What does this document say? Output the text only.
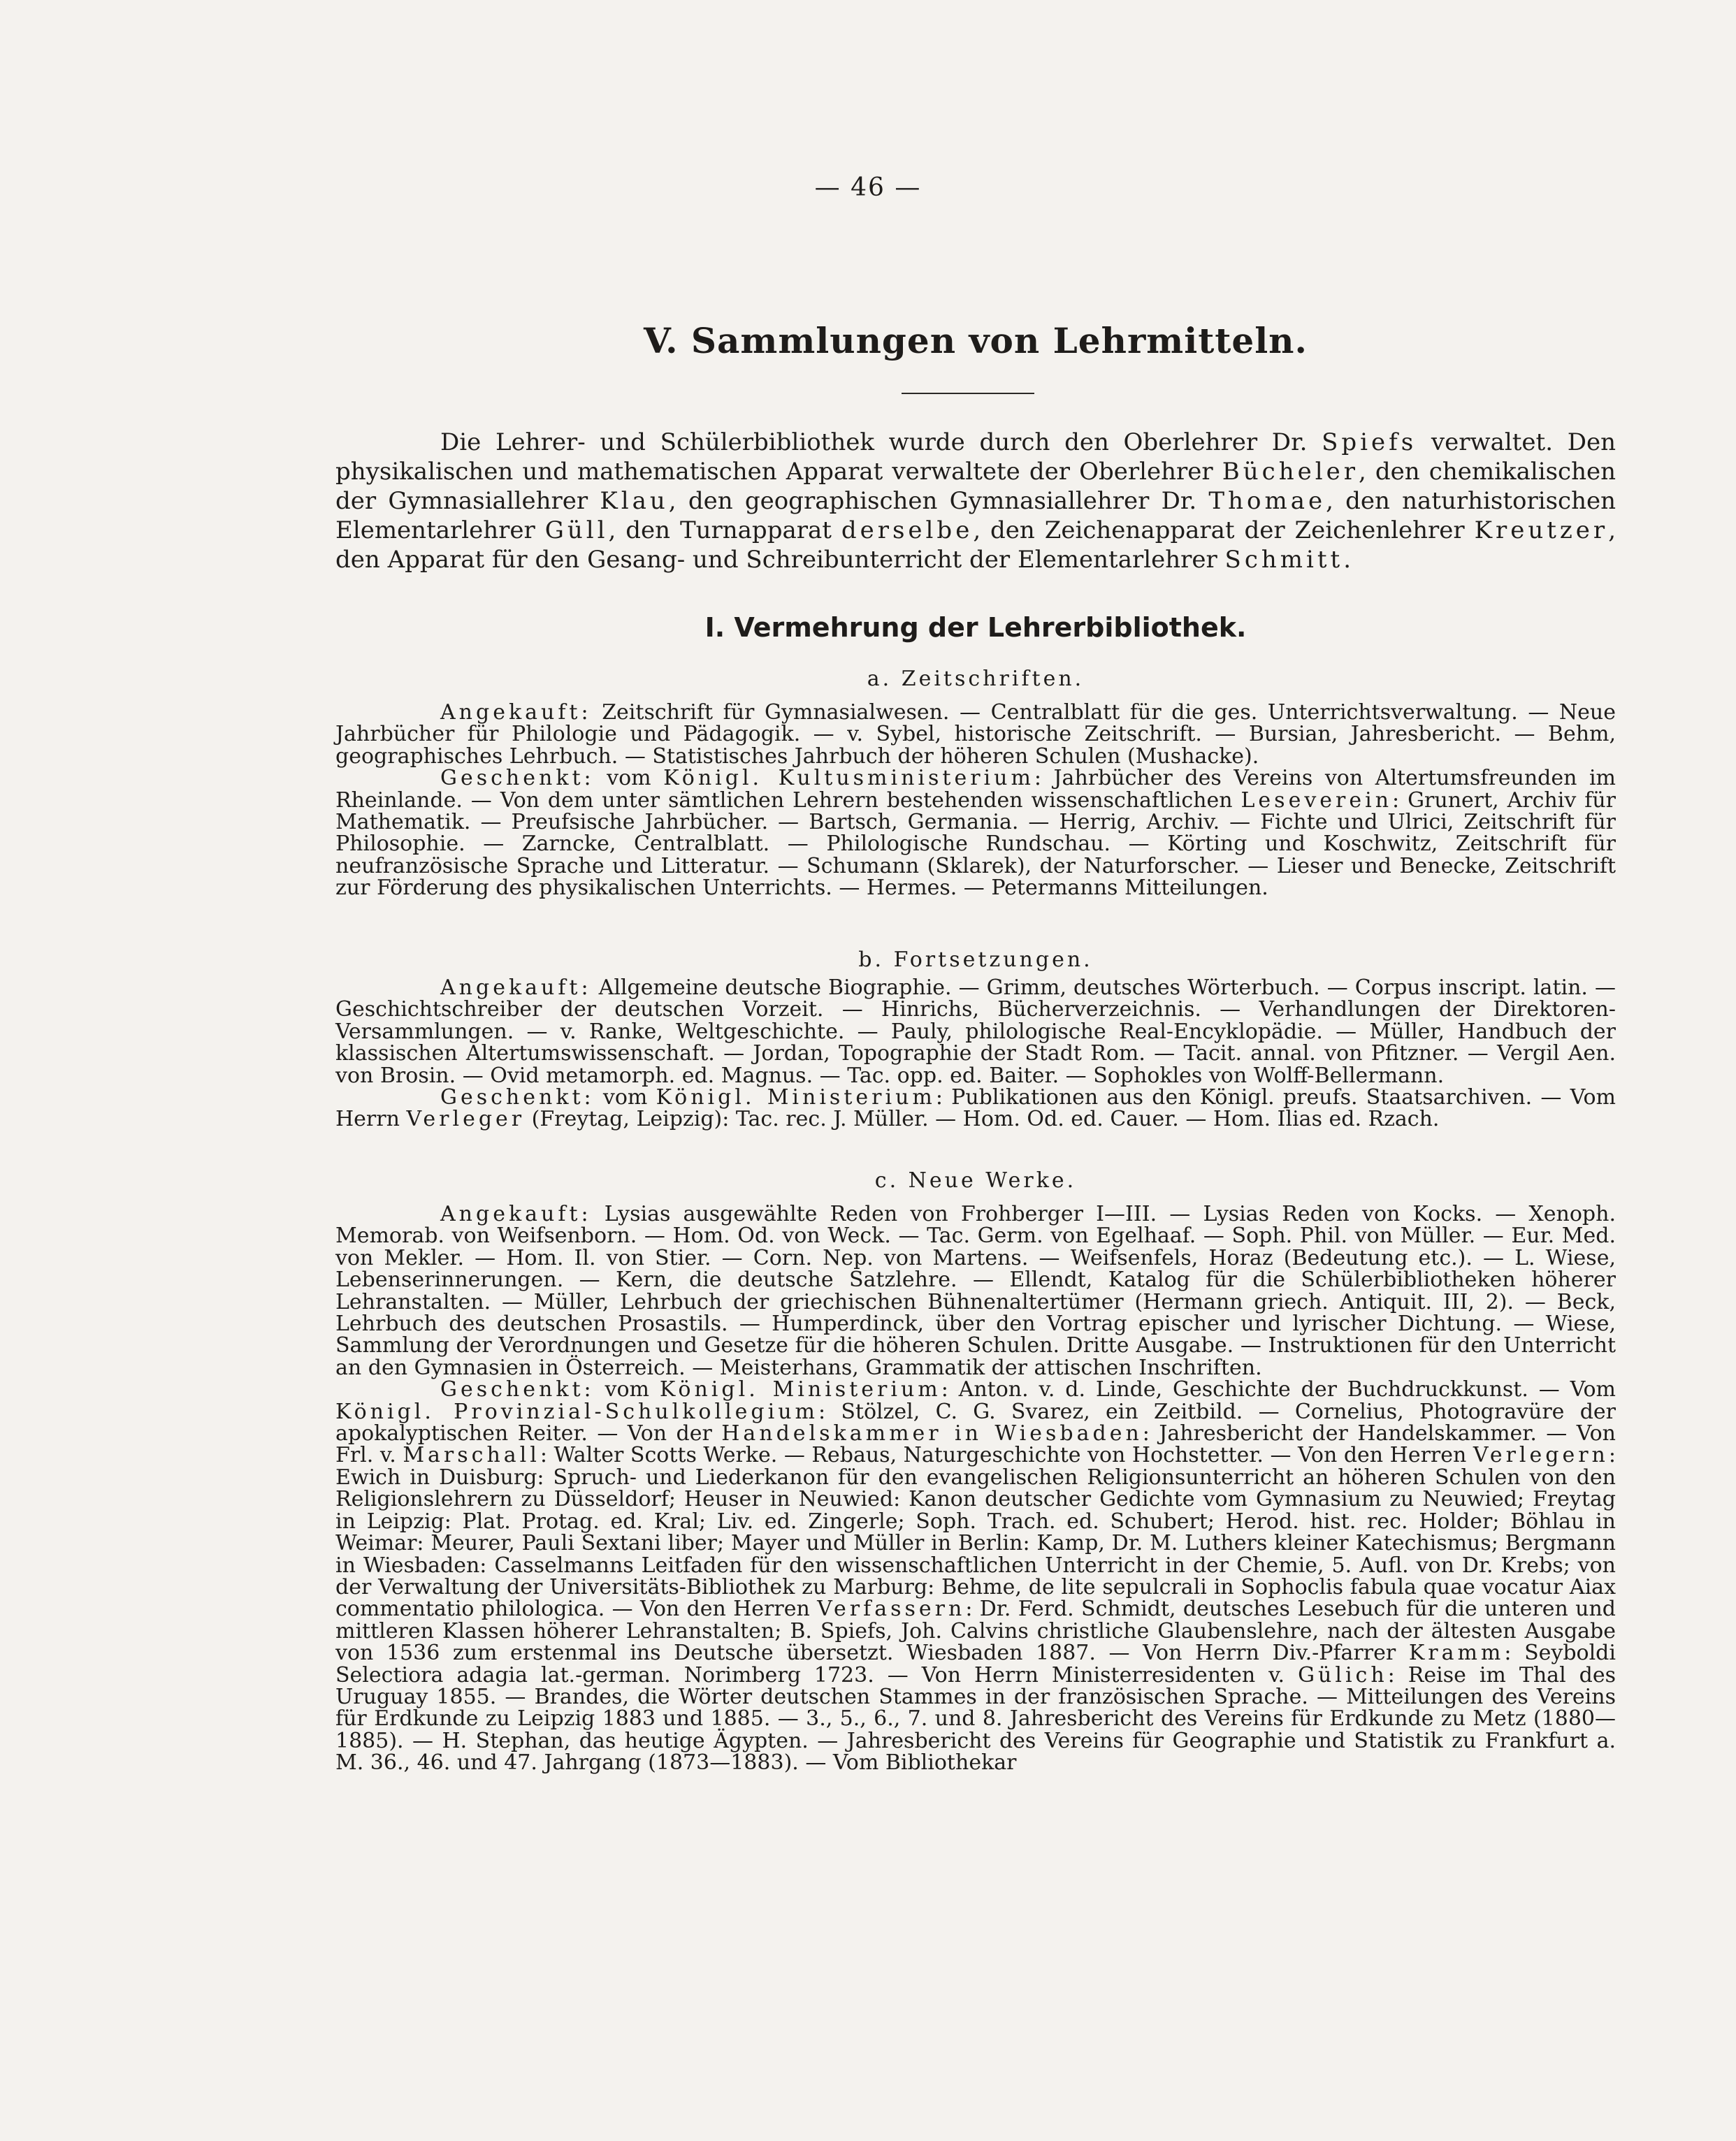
— 46 —
V. Sammlungen von Lehrmitteln.
Die Lehrer- und Schülerbibliothek wurde durch den Oberlehrer Dr. Spiefs verwaltet. Den physikalischen und mathematischen Apparat verwaltete der Oberlehrer Bücheler, den chemikalischen der Gymnasiallehrer Klau, den geographischen Gymnasiallehrer Dr. Thomae, den naturhistorischen Elementarlehrer Güll, den Turnapparat derselbe, den Zeichenapparat der Zeichenlehrer Kreutzer, den Apparat für den Gesang- und Schreibunterricht der Elementarlehrer Schmitt.
I. Vermehrung der Lehrerbibliothek.
a. Zeitschriften.

Angekauft: Zeitschrift für Gymnasialwesen. — Centralblatt für die ges. Unterrichtsverwaltung. — Neue Jahrbücher für Philologie und Pädagogik. — v. Sybel, historische Zeitschrift. — Bursian, Jahresbericht. — Behm, geographisches Lehrbuch. — Statistisches Jahrbuch der höheren Schulen (Mushacke).

Geschenkt: vom Königl. Kultusministerium: Jahrbücher des Vereins von Altertumsfreunden im Rheinlande. — Von dem unter sämtlichen Lehrern bestehenden wissenschaftlichen Leseverein: Grunert, Archiv für Mathematik. — Preufsische Jahrbücher. — Bartsch, Germania. — Herrig, Archiv. — Fichte und Ulrici, Zeitschrift für Philosophie. — Zarncke, Centralblatt. — Philologische Rundschau. — Körting und Koschwitz, Zeitschrift für neufranzösische Sprache und Litteratur. — Schumann (Sklarek), der Naturforscher. — Lieser und Benecke, Zeitschrift zur Förderung des physikalischen Unterrichts. — Hermes. — Petermanns Mitteilungen.

b. Fortsetzungen.

Angekauft: Allgemeine deutsche Biographie. — Grimm, deutsches Wörterbuch. — Corpus inscript. latin. — Geschichtschreiber der deutschen Vorzeit. — Hinrichs, Bücherverzeichnis. — Verhandlungen der Direktoren-Versammlungen. — v. Ranke, Weltgeschichte. — Pauly, philologische Real-Encyklopädie. — Müller, Handbuch der klassischen Altertumswissenschaft. — Jordan, Topographie der Stadt Rom. — Tacit. annal. von Pfitzner. — Vergil Aen. von Brosin. — Ovid metamorph. ed. Magnus. — Tac. opp. ed. Baiter. — Sophokles von Wolff-Bellermann.

Geschenkt: vom Königl. Ministerium: Publikationen aus den Königl. preufs. Staatsarchiven. — Vom Herrn Verleger (Freytag, Leipzig): Tac. rec. J. Müller. — Hom. Od. ed. Cauer. — Hom. Ilias ed. Rzach.

c. Neue Werke.

Angekauft: Lysias ausgewählte Reden von Frohberger I—III. — Lysias Reden von Kocks. — Xenoph. Memorab. von Weifsenborn. — Hom. Od. von Weck. — Tac. Germ. von Egelhaaf. — Soph. Phil. von Müller. — Eur. Med. von Mekler. — Hom. Il. von Stier. — Corn. Nep. von Martens. — Weifsenfels, Horaz (Bedeutung etc.). — L. Wiese, Lebenserinnerungen. — Kern, die deutsche Satzlehre. — Ellendt, Katalog für die Schülerbibliotheken höherer Lehranstalten. — Müller, Lehrbuch der griechischen Bühnenaltertümer (Hermann griech. Antiquit. III, 2). — Beck, Lehrbuch des deutschen Prosastils. — Humperdinck, über den Vortrag epischer und lyrischer Dichtung. — Wiese, Sammlung der Verordnungen und Gesetze für die höheren Schulen. Dritte Ausgabe. — Instruktionen für den Unterricht an den Gymnasien in Österreich. — Meisterhans, Grammatik der attischen Inschriften.

Geschenkt: vom Königl. Ministerium: Anton. v. d. Linde, Geschichte der Buchdruckkunst. — Vom Königl. Provinzial-Schulkollegium: Stölzel, C. G. Svarez, ein Zeitbild. — Cornelius, Photogravüre der apokalyptischen Reiter. — Von der Handelskammer in Wiesbaden: Jahresbericht der Handelskammer. — Von Frl. v. Marschall: Walter Scotts Werke. — Rebaus, Naturgeschichte von Hochstetter. — Von den Herren Verlegern: Ewich in Duisburg: Spruch- und Liederkanon für den evangelischen Religionsunterricht an höheren Schulen von den Religionslehrern zu Düsseldorf; Heuser in Neuwied: Kanon deutscher Gedichte vom Gymnasium zu Neuwied; Freytag in Leipzig: Plat. Protag. ed. Kral; Liv. ed. Zingerle; Soph. Trach. ed. Schubert; Herod. hist. rec. Holder; Böhlau in Weimar: Meurer, Pauli Sextani liber; Mayer und Müller in Berlin: Kamp, Dr. M. Luthers kleiner Katechismus; Bergmann in Wiesbaden: Casselmanns Leitfaden für den wissenschaftlichen Unterricht in der Chemie, 5. Aufl. von Dr. Krebs; von der Verwaltung der Universitäts-Bibliothek zu Marburg: Behme, de lite sepulcrali in Sophoclis fabula quae vocatur Aiax commentatio philologica. — Von den Herren Verfassern: Dr. Ferd. Schmidt, deutsches Lesebuch für die unteren und mittleren Klassen höherer Lehranstalten; B. Spiefs, Joh. Calvins christliche Glaubenslehre, nach der ältesten Ausgabe von 1536 zum erstenmal ins Deutsche übersetzt. Wiesbaden 1887. — Von Herrn Div.-Pfarrer Kramm: Seyboldi Selectiora adagia lat.-german. Norimberg 1723. — Von Herrn Ministerresidenten v. Gülich: Reise im Thal des Uruguay 1855. — Brandes, die Wörter deutschen Stammes in der französischen Sprache. — Mitteilungen des Vereins für Erdkunde zu Leipzig 1883 und 1885. — 3., 5., 6., 7. und 8. Jahresbericht des Vereins für Erdkunde zu Metz (1880—1885). — H. Stephan, das heutige Ägypten. — Jahresbericht des Vereins für Geographie und Statistik zu Frankfurt a. M. 36., 46. und 47. Jahrgang (1873—1883). — Vom Bibliothekar
